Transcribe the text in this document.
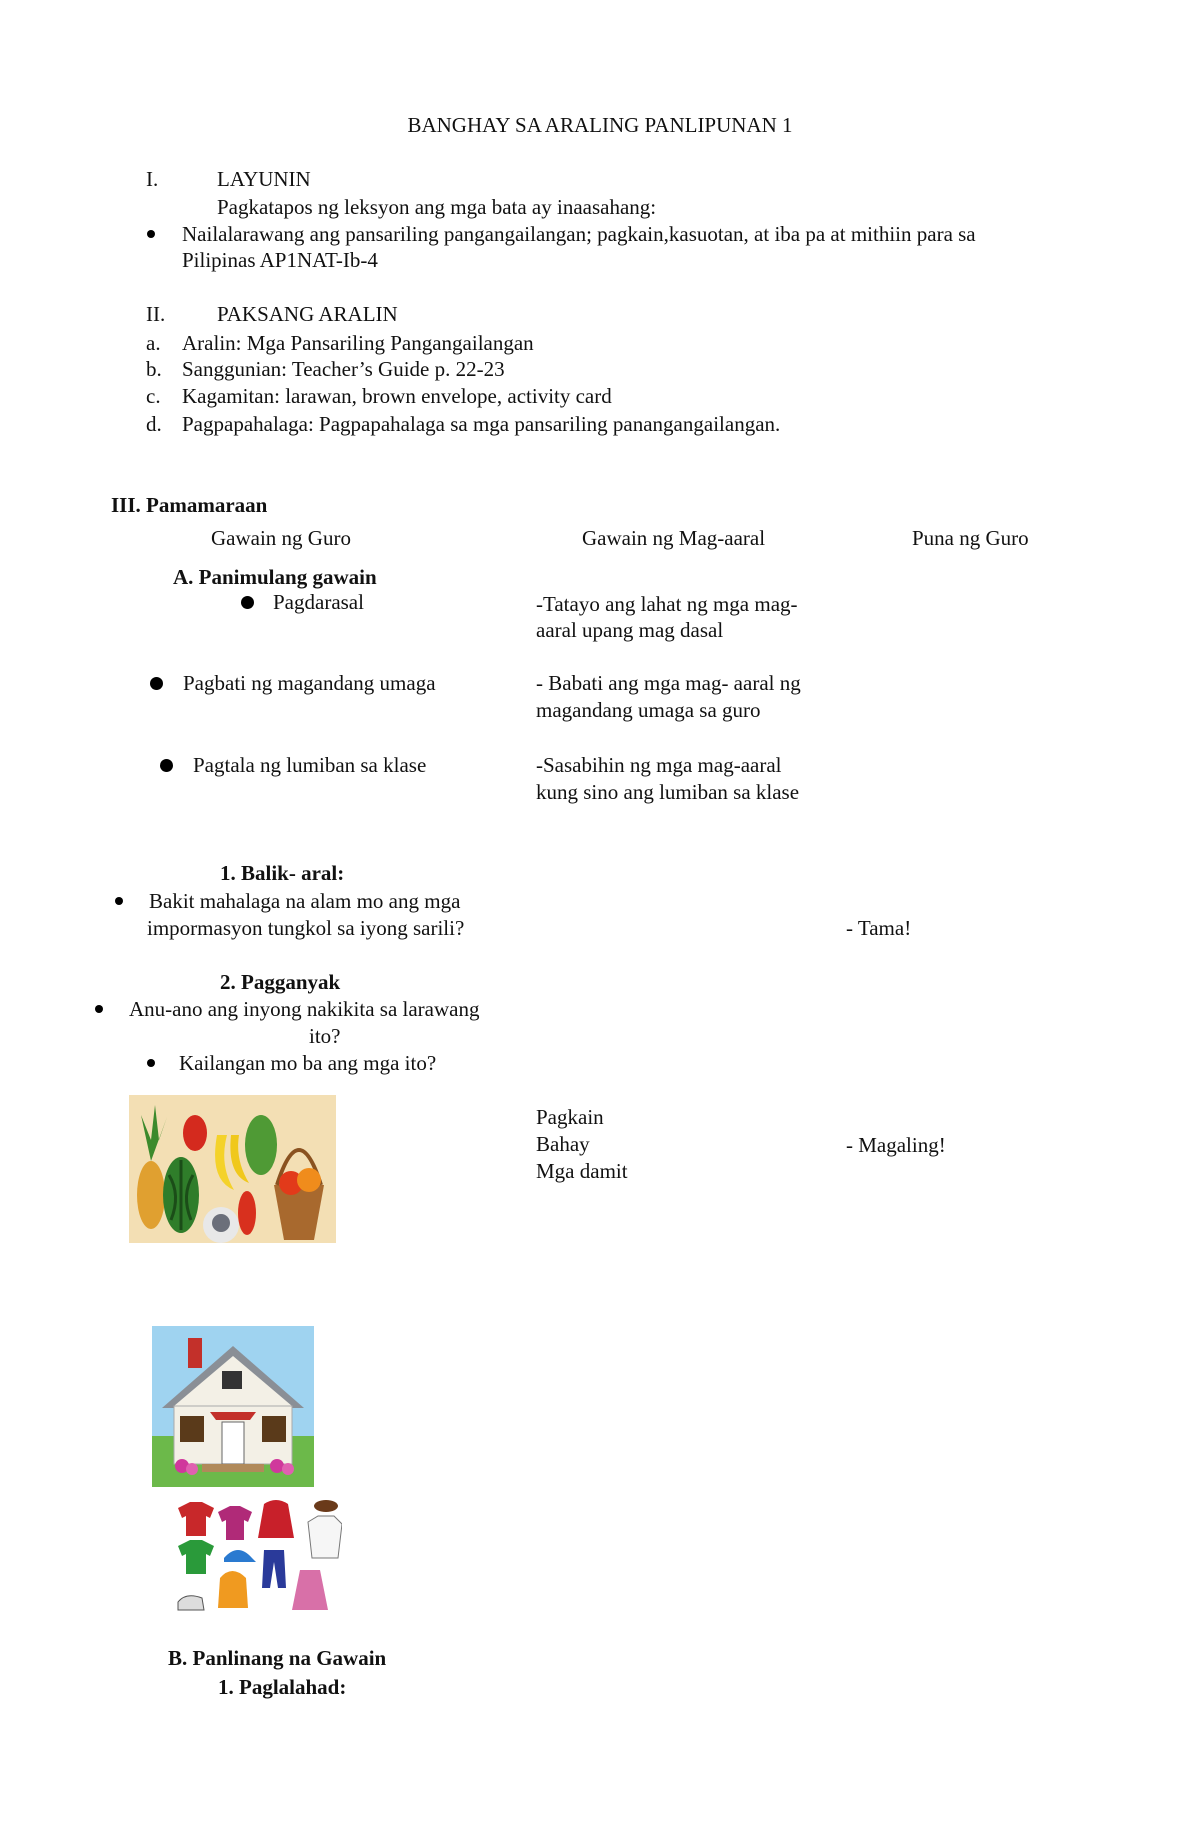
BANGHAY SA ARALING PANLIPUNAN 1
I.	LAYUNIN
Pagkatapos ng leksyon ang mga bata ay inaasahang:
Nailalarawang ang pansariling pangangailangan; pagkain,kasuotan, at iba pa at mithiin para sa
Pilipinas AP1NAT-Ib-4
II. PAKSANG ARALIN
a. Aralin: Mga Pansariling Pangangailangan
b. Sanggunian: Teacher’s Guide p. 22-23
c. Kagamitan: larawan, brown envelope, activity card
d. Pagpapahalaga: Pagpapahalaga sa mga pansariling panangangailangan.
III. Pamamaraan
Gawain ng Guro	Gawain ng Mag-aaral	Puna ng Guro
A. Panimulang gawain
Pagdarasal	-Tatayo ang lahat ng mga mag-
aaral upang mag dasal
Pagbati ng magandang umaga	- Babati ang mga mag- aaral ng
magandang umaga sa guro
Pagtala ng lumiban sa klase	-Sasabihin ng mga mag-aaral
kung sino ang lumiban sa klase
1. Balik- aral:
Bakit mahalaga na alam mo ang mga
impormasyon tungkol sa iyong sarili?	- Tama!
2. Pagganyak
Anu-ano ang inyong nakikita sa larawang
ito?
Kailangan mo ba ang mga ito?
Pagkain
Bahay
Mga damit
- Magaling!
B. Panlinang na Gawain
1. Paglalahad:
